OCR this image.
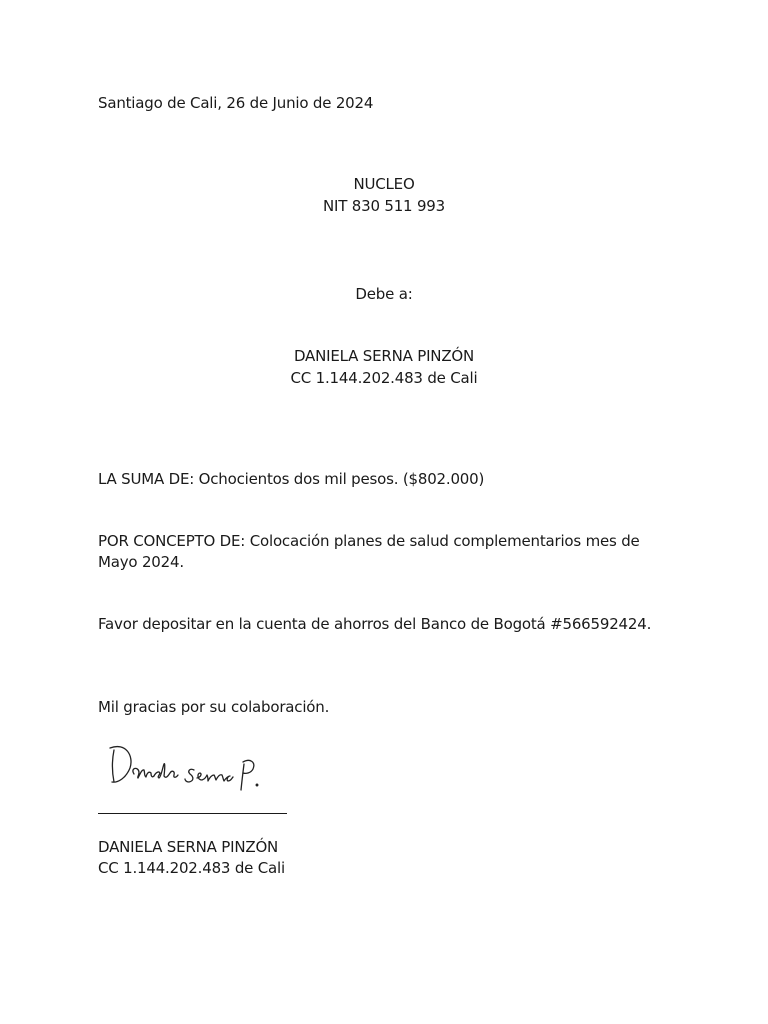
Santiago de Cali, 26 de Junio de 2024
NUCLEO
NIT 830 511 993
Debe a:
DANIELA SERNA PINZÓN
CC 1.144.202.483 de Cali
LA SUMA DE: Ochocientos dos mil pesos. ($802.000)
POR CONCEPTO DE: Colocación planes de salud complementarios mes de Mayo 2024.
Favor depositar en la cuenta de ahorros del Banco de Bogotá #566592424.
Mil gracias por su colaboración.
DANIELA SERNA PINZÓN
CC 1.144.202.483 de Cali
